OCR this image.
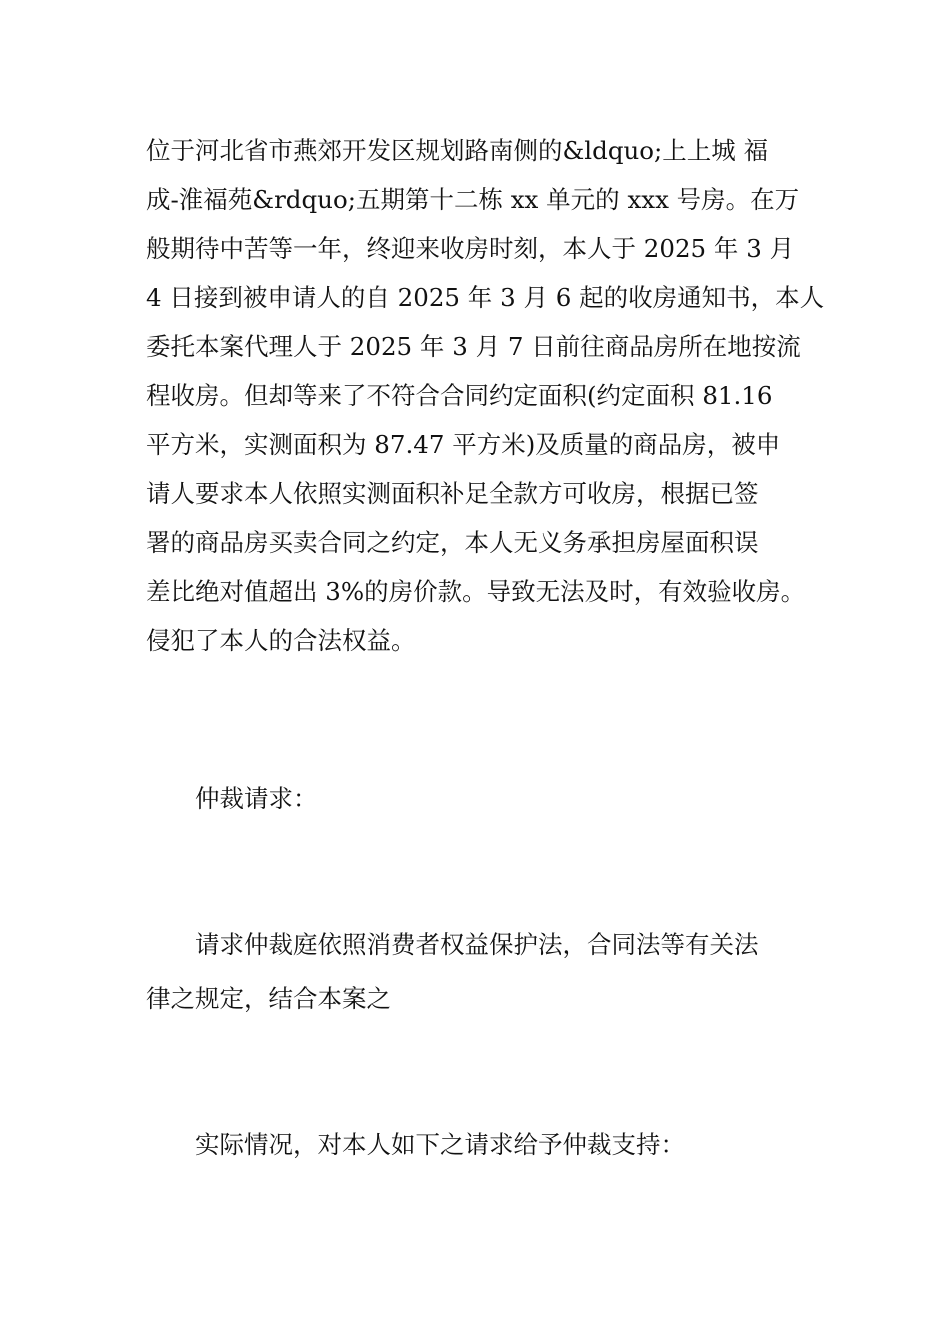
位于河北省市燕郊开发区规划路南侧的&ldquo;上上城 福
成-淮福苑&rdquo;五期第十二栋 xx 单元的 xxx 号房。在万
般期待中苦等一年，终迎来收房时刻，本人于 2025 年 3 月
4 日接到被申请人的自 2025 年 3 月 6 起的收房通知书，本人
委托本案代理人于 2025 年 3 月 7 日前往商品房所在地按流
程收房。但却等来了不符合合同约定面积(约定面积 81.16
平方米，实测面积为 87.47 平方米)及质量的商品房，被申
请人要求本人依照实测面积补足全款方可收房，根据已签
署的商品房买卖合同之约定，本人无义务承担房屋面积误
差比绝对值超出 3%的房价款。导致无法及时，有效验收房。
侵犯了本人的合法权益。
仲裁请求：
请求仲裁庭依照消费者权益保护法，合同法等有关法
律之规定，结合本案之
实际情况，对本人如下之请求给予仲裁支持：
